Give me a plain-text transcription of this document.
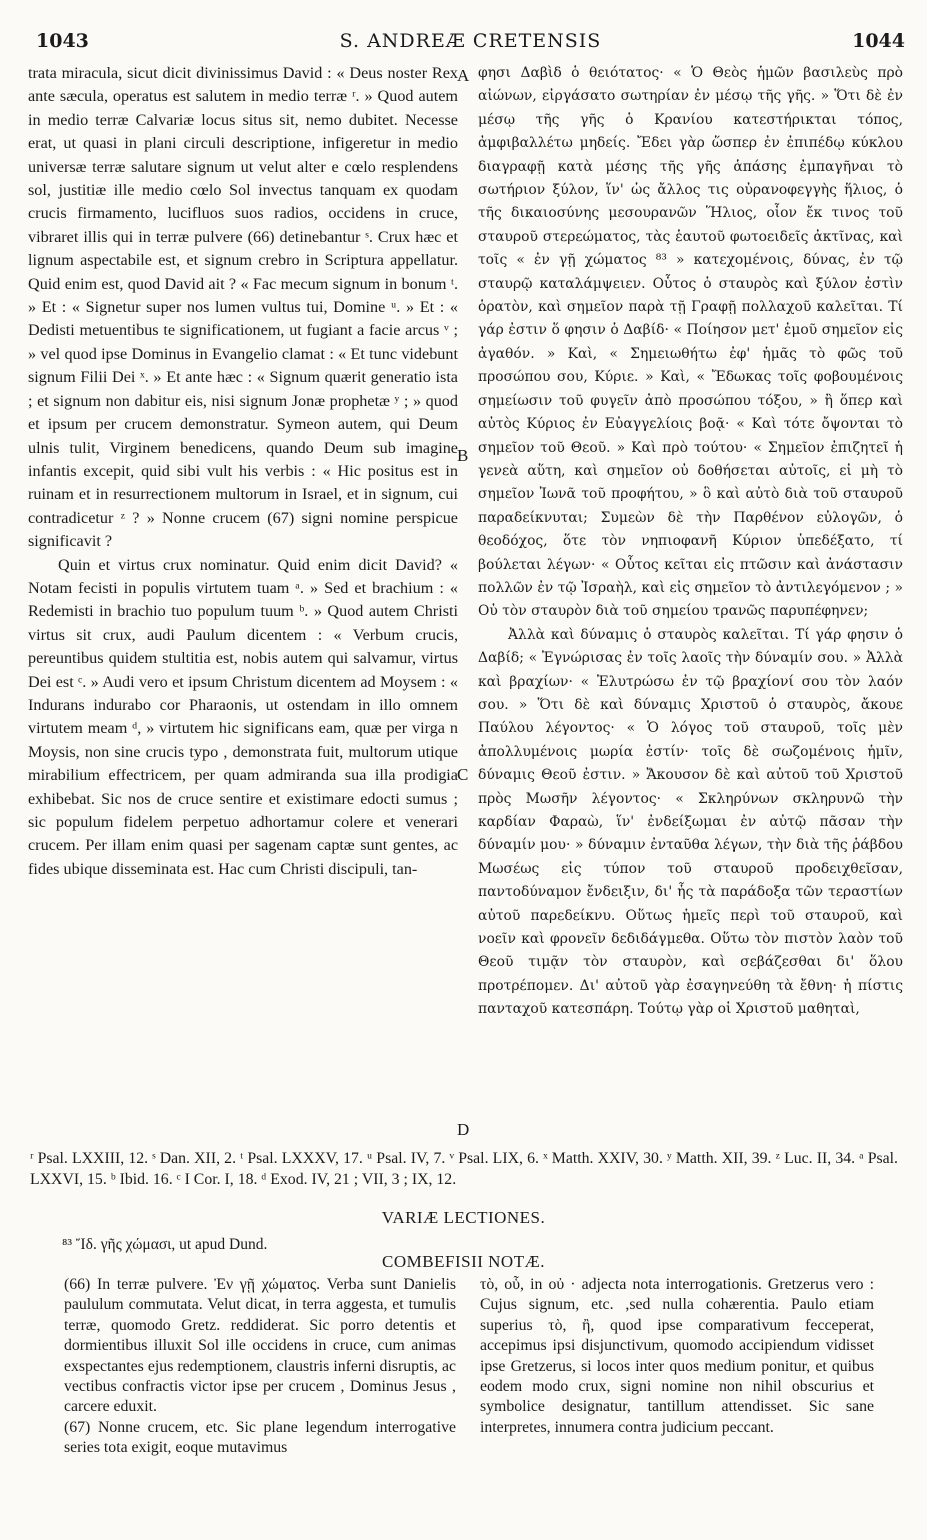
1043	S. ANDREÆ CRETENSIS	1044

trata miracula, sicut dicit divinissimus David : « Deus noster Rex ante sæcula, operatus est salutem in medio terræ ʳ. » Quod autem in medio terræ Calvariæ locus situs sit, nemo dubitet. Necesse erat, ut quasi in plani circuli descriptione, infigeretur in medio universæ terræ salutare signum ut velut alter e cœlo resplendens sol, justitiæ ille medio cœlo Sol invectus tanquam ex quodam crucis firmamento, lucifluos suos radios, occidens in cruce, vibraret illis qui in terræ pulvere (66) detinebantur ˢ. Crux hæc et lignum aspectabile est, et signum crebro in Scriptura appellatur. Quid enim est, quod David ait ? « Fac mecum signum in bonum ᵗ. » Et : « Signetur super nos lumen vultus tui, Domine ᵘ. » Et : « Dedisti metuentibus te significationem, ut fugiant a facie arcus ᵛ ; » vel quod ipse Dominus in Evangelio clamat : « Et tunc videbunt signum Filii Dei ˣ. » Et ante hæc : « Signum quærit generatio ista ; et signum non dabitur eis, nisi signum Jonæ prophetæ ʸ ; » quod et ipsum per crucem demonstratur. Symeon autem, qui Deum ulnis tulit, Virginem benedicens, quando Deum sub imagine infantis excepit, quid sibi vult his verbis : « Hic positus est in ruinam et in resurrectionem multorum in Israel, et in signum, cui contradicetur ᶻ ? » Nonne crucem (67) signi nomine perspicue significavit ?

Quin et virtus crux nominatur. Quid enim dicit David? « Notam fecisti in populis virtutem tuam ᵃ. » Sed et brachium : « Redemisti in brachio tuo populum tuum ᵇ. » Quod autem Christi virtus sit crux, audi Paulum dicentem : « Verbum crucis, pereuntibus quidem stultitia est, nobis autem qui salvamur, virtus Dei est ᶜ. » Audi vero et ipsum Christum dicentem ad Moysem : « Indurans indurabo cor Pharaonis, ut ostendam in illo omnem virtutem meam ᵈ, » virtutem hic significans eam, quæ per virga n Moysis, non sine crucis typo , demonstrata fuit, multorum utique mirabilium effectricem, per quam admiranda sua illa prodigia exhibebat. Sic nos de cruce sentire et existimare edocti sumus ; sic populum fidelem perpetuo adhortamur colere et venerari crucem. Per illam enim quasi per sagenam captæ sunt gentes, ac fides ubique disseminata est. Hac cum Christi discipuli, tan-

A
B
C
D

φησι Δαβὶδ ὁ θειότατος· « Ὁ Θεὸς ἡμῶν βασιλεὺς πρὸ αἰώνων, εἰργάσατο σωτηρίαν ἐν μέσῳ τῆς γῆς. » Ὅτι δὲ ἐν μέσῳ τῆς γῆς ὁ Κρανίου κατεστήρικται τόπος, ἀμφιβαλλέτω μηδείς. Ἔδει γὰρ ὥσπερ ἐν ἐπιπέδῳ κύκλου διαγραφῇ κατὰ μέσης τῆς γῆς ἁπάσης ἐμπαγῆναι τὸ σωτήριον ξύλον, ἵν' ὡς ἄλλος τις οὐρανοφεγγὴς ἥλιος, ὁ τῆς δικαιοσύνης μεσουρανῶν Ἥλιος, οἷον ἔκ τινος τοῦ σταυροῦ στερεώματος, τὰς ἑαυτοῦ φωτοειδεῖς ἀκτῖνας, καὶ τοῖς « ἐν γῇ χώματος ⁸³ » κατεχομένοις, δύνας, ἐν τῷ σταυρῷ καταλάμψειεν. Οὗτος ὁ σταυρὸς καὶ ξύλον ἐστὶν ὁρατὸν, καὶ σημεῖον παρὰ τῇ Γραφῇ πολλαχοῦ καλεῖται. Τί γάρ ἐστιν ὅ φησιν ὁ Δαβίδ· « Ποίησον μετ' ἐμοῦ σημεῖον εἰς ἀγαθόν. » Καὶ, « Σημειωθήτω ἐφ' ἡμᾶς τὸ φῶς τοῦ προσώπου σου, Κύριε. » Καὶ, « Ἔδωκας τοῖς φοβουμένοις σημείωσιν τοῦ φυγεῖν ἀπὸ προσώπου τόξου, » ἢ ὅπερ καὶ αὐτὸς Κύριος ἐν Εὐαγγελίοις βοᾷ· « Καὶ τότε ὄψονται τὸ σημεῖον τοῦ Θεοῦ. » Καὶ πρὸ τούτου· « Σημεῖον ἐπιζητεῖ ἡ γενεὰ αὕτη, καὶ σημεῖον οὐ δοθήσεται αὐτοῖς, εἰ μὴ τὸ σημεῖον Ἰωνᾶ τοῦ προφήτου, » ὃ καὶ αὐτὸ διὰ τοῦ σταυροῦ παραδείκνυται; Συμεὼν δὲ τὴν Παρθένον εὐλογῶν, ὁ θεοδόχος, ὅτε τὸν νηπιοφανῆ Κύριον ὑπεδέξατο, τί βούλεται λέγων· « Οὗτος κεῖται εἰς πτῶσιν καὶ ἀνάστασιν πολλῶν ἐν τῷ Ἰσραὴλ, καὶ εἰς σημεῖον τὸ ἀντιλεγόμενον ; » Οὐ τὸν σταυρὸν διὰ τοῦ σημείου τρανῶς παρυπέφηνεν;

Ἀλλὰ καὶ δύναμις ὁ σταυρὸς καλεῖται. Τί γάρ φησιν ὁ Δαβίδ; « Ἐγνώρισας ἐν τοῖς λαοῖς τὴν δύναμίν σου. » Ἀλλὰ καὶ βραχίων· « Ἐλυτρώσω ἐν τῷ βραχίονί σου τὸν λαόν σου. » Ὅτι δὲ καὶ δύναμις Χριστοῦ ὁ σταυρὸς, ἄκουε Παύλου λέγοντος· « Ὁ λόγος τοῦ σταυροῦ, τοῖς μὲν ἀπολλυμένοις μωρία ἐστίν· τοῖς δὲ σωζομένοις ἡμῖν, δύναμις Θεοῦ ἐστιν. » Ἄκουσον δὲ καὶ αὐτοῦ τοῦ Χριστοῦ πρὸς Μωσῆν λέγοντος· « Σκληρύνων σκληρυνῶ τὴν καρδίαν Φαραὼ, ἵν' ἐνδείξωμαι ἐν αὐτῷ πᾶσαν τὴν δύναμίν μου· » δύναμιν ἐνταῦθα λέγων, τὴν διὰ τῆς ῥάβδου Μωσέως εἰς τύπον τοῦ σταυροῦ προδειχθεῖσαν, παντοδύναμον ἔνδειξιν, δι' ἧς τὰ παράδοξα τῶν τεραστίων αὐτοῦ παρεδείκνυ. Οὕτως ἡμεῖς περὶ τοῦ σταυροῦ, καὶ νοεῖν καὶ φρονεῖν δεδιδάγμεθα. Οὕτω τὸν πιστὸν λαὸν τοῦ Θεοῦ τιμᾷν τὸν σταυρὸν, καὶ σεβάζεσθαι δι' ὅλου προτρέπομεν. Δι' αὐτοῦ γὰρ ἐσαγηνεύθη τὰ ἔθνη· ἡ πίστις πανταχοῦ κατεσπάρη. Τούτῳ γὰρ οἱ Χριστοῦ μαθηταὶ,

ʳ Psal. LXXIII, 12. ˢ Dan. XII, 2. ᵗ Psal. LXXXV, 17. ᵘ Psal. IV, 7. ᵛ Psal. LIX, 6. ˣ Matth. XXIV, 30. ʸ Matth. XII, 39. ᶻ Luc. II, 34. ᵃ Psal. LXXVI, 15. ᵇ Ibid. 16. ᶜ I Cor. I, 18. ᵈ Exod. IV, 21 ; VII, 3 ; IX, 12.
VARIÆ LECTIONES.
⁸³ Ἴδ. γῆς χώμασι, ut apud Dund.
COMBEFISII NOTÆ.

(66) In terræ pulvere. Ἐν γῇ χώματος. Verba sunt Danielis paululum commutata. Velut dicat, in terra aggesta, et tumulis terræ, quomodo Gretz. reddiderat. Sic porro detentis et dormientibus illuxit Sol ille occidens in cruce, cum animas exspectantes ejus redemptionem, claustris inferni disruptis, ac vectibus confractis victor ipse per crucem , Dominus Jesus , carcere eduxit.

(67) Nonne crucem, etc. Sic plane legendum interrogative series tota exigit, eoque mutavimus

τὸ, οὗ, in οὐ · adjecta nota interrogationis. Gretzerus vero : Cujus signum, etc. ,sed nulla cohærentia. Paulo etiam superius τὸ, ἢ, quod ipse comparativum fecceperat, accepimus ipsi disjunctivum, quomodo accipiendum vidisset ipse Gretzerus, si locos inter quos medium ponitur, et quibus eodem modo crux, signi nomine non nihil obscurius et symbolice designatur, tantillum attendisset. Sic sane interpretes, innumera contra judicium peccant.
